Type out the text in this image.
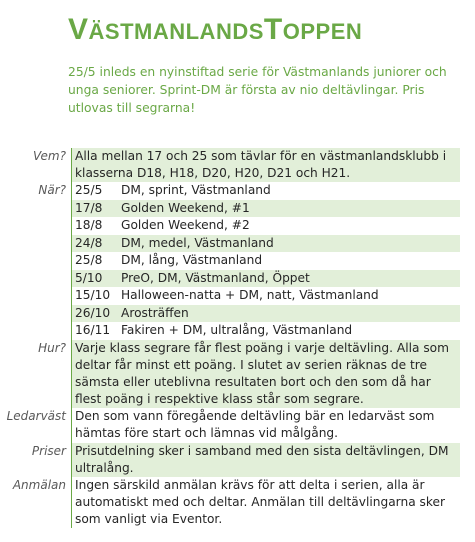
VÄSTMANLANDSTOPPEN
25/5 inleds en nyinstiftad serie för Västmanlands juniorer och unga seniorer. Sprint-DM är första av nio deltävlingar. Pris utlovas till segrarna!
Vem?	Alla mellan 17 och 25 som tävlar för en västmanlandsklubb i klasserna D18, H18, D20, H20, D21 och H21.
När?	25/5 DM, sprint, Västmanland
	17/8 Golden Weekend, #1
	18/8 Golden Weekend, #2
	24/8 DM, medel, Västmanland
	25/8 DM, lång, Västmanland
	5/10 PreO, DM, Västmanland, Öppet
	15/10 Halloween-natta + DM, natt, Västmanland
	26/10 Arosträffen
	16/11 Fakiren + DM, ultralång, Västmanland
Hur?	Varje klass segrare får flest poäng i varje deltävling. Alla som deltar får minst ett poäng. I slutet av serien räknas de tre sämsta eller uteblivna resultaten bort och den som då har flest poäng i respektive klass står som segrare.
Ledarväst	Den som vann föregående deltävling bär en ledarväst som hämtas före start och lämnas vid målgång.
Priser	Prisutdelning sker i samband med den sista deltävlingen, DM ultralång.
Anmälan	Ingen särskild anmälan krävs för att delta i serien, alla är automatiskt med och deltar. Anmälan till deltävlingarna sker som vanligt via Eventor.
